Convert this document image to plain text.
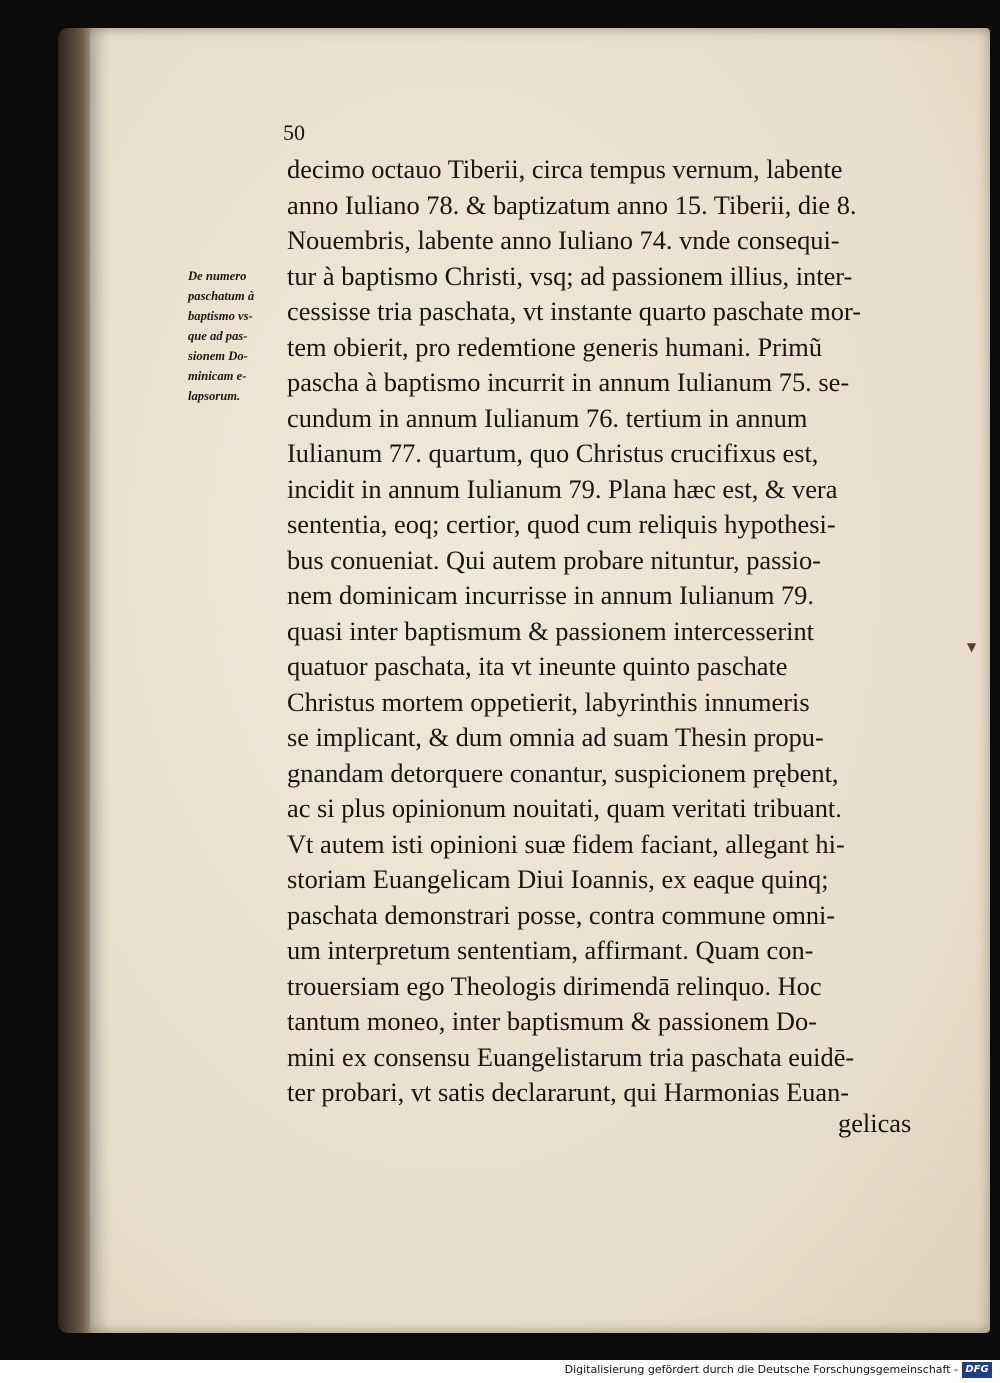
50
De numero
paschatum à
baptismo vs-
que ad pas-
sionem Do-
minicam e-
lapsorum.
decimo octauo Tiberii, circa tempus vernum, labente
anno Iuliano 78. & baptizatum anno 15. Tiberii, die 8.
Nouembris, labente anno Iuliano 74. vnde consequi-
tur à baptismo Christi, vsq; ad passionem illius, inter-
cessisse tria paschata, vt instante quarto paschate mor-
tem obierit, pro redemtione generis humani. Primũ
pascha à baptismo incurrit in annum Iulianum 75. se-
cundum in annum Iulianum 76. tertium in annum
Iulianum 77. quartum, quo Christus crucifixus est,
incidit in annum Iulianum 79. Plana hæc est, & vera
sententia, eoq; certior, quod cum reliquis hypothesi-
bus conueniat. Qui autem probare nituntur, passio-
nem dominicam incurrisse in annum Iulianum 79.
quasi inter baptismum & passionem intercesserint
quatuor paschata, ita vt ineunte quinto paschate
Christus mortem oppetierit, labyrinthis innumeris
se implicant, & dum omnia ad suam Thesin propu-
gnandam detorquere conantur, suspicionem prębent,
ac si plus opinionum nouitati, quam veritati tribuant.
Vt autem isti opinioni suæ fidem faciant, allegant hi-
storiam Euangelicam Diui Ioannis, ex eaque quinq;
paschata demonstrari posse, contra commune omni-
um interpretum sententiam, affirmant. Quam con-
trouersiam ego Theologis dirimendā relinquo. Hoc
tantum moneo, inter baptismum & passionem Do-
mini ex consensu Euangelistarum tria paschata euidē-
ter probari, vt satis declararunt, qui Harmonias Euan-
gelicas
▼
Digitalisierung gefördert durch die Deutsche Forschungsgemeinschaft - DFG
